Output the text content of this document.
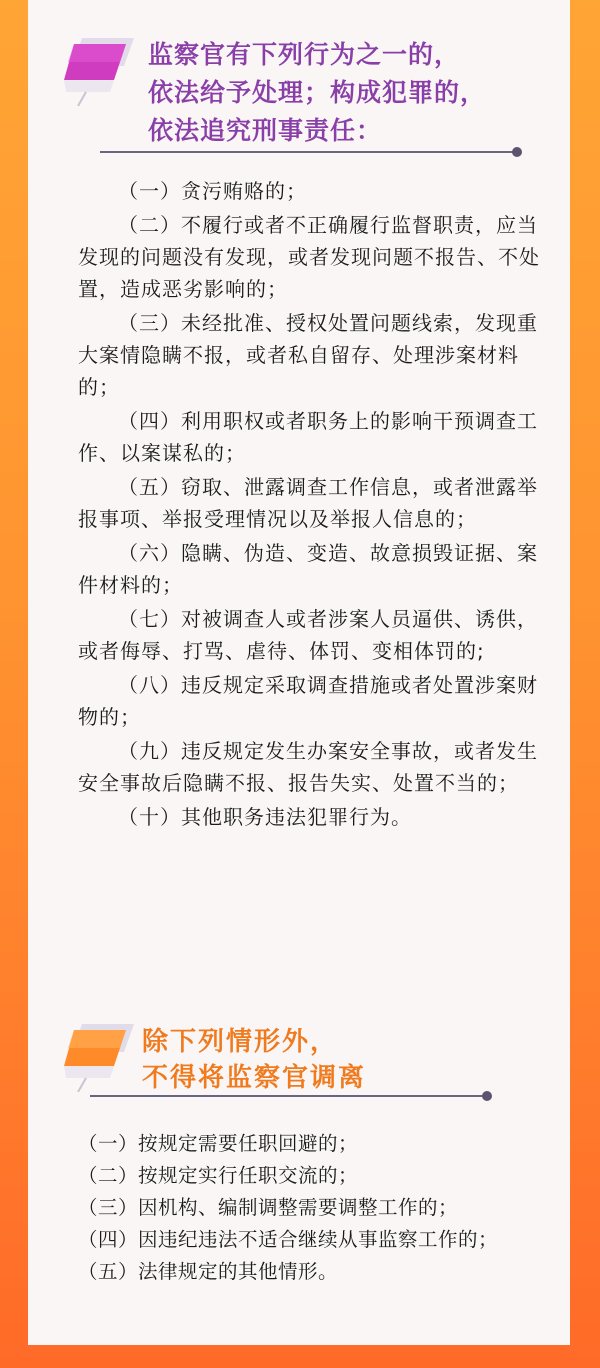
监察官有下列行为之一的，
依法给予处理；构成犯罪的，
依法追究刑事责任：
（一）贪污贿赂的；
（二）不履行或者不正确履行监督职责，应当发现的问题没有发现，或者发现问题不报告、不处置，造成恶劣影响的；
（三）未经批准、授权处置问题线索，发现重大案情隐瞒不报，或者私自留存、处理涉案材料的；
（四）利用职权或者职务上的影响干预调查工作、以案谋私的；
（五）窃取、泄露调查工作信息，或者泄露举报事项、举报受理情况以及举报人信息的；
（六）隐瞒、伪造、变造、故意损毁证据、案件材料的；
（七）对被调查人或者涉案人员逼供、诱供，或者侮辱、打骂、虐待、体罚、变相体罚的;
（八）违反规定采取调查措施或者处置涉案财物的；
（九）违反规定发生办案安全事故，或者发生安全事故后隐瞒不报、报告失实、处置不当的；
（十）其他职务违法犯罪行为。
除下列情形外，
不得将监察官调离
（一）按规定需要任职回避的；
（二）按规定实行任职交流的；
（三）因机构、编制调整需要调整工作的；
（四）因违纪违法不适合继续从事监察工作的；
（五）法律规定的其他情形。
